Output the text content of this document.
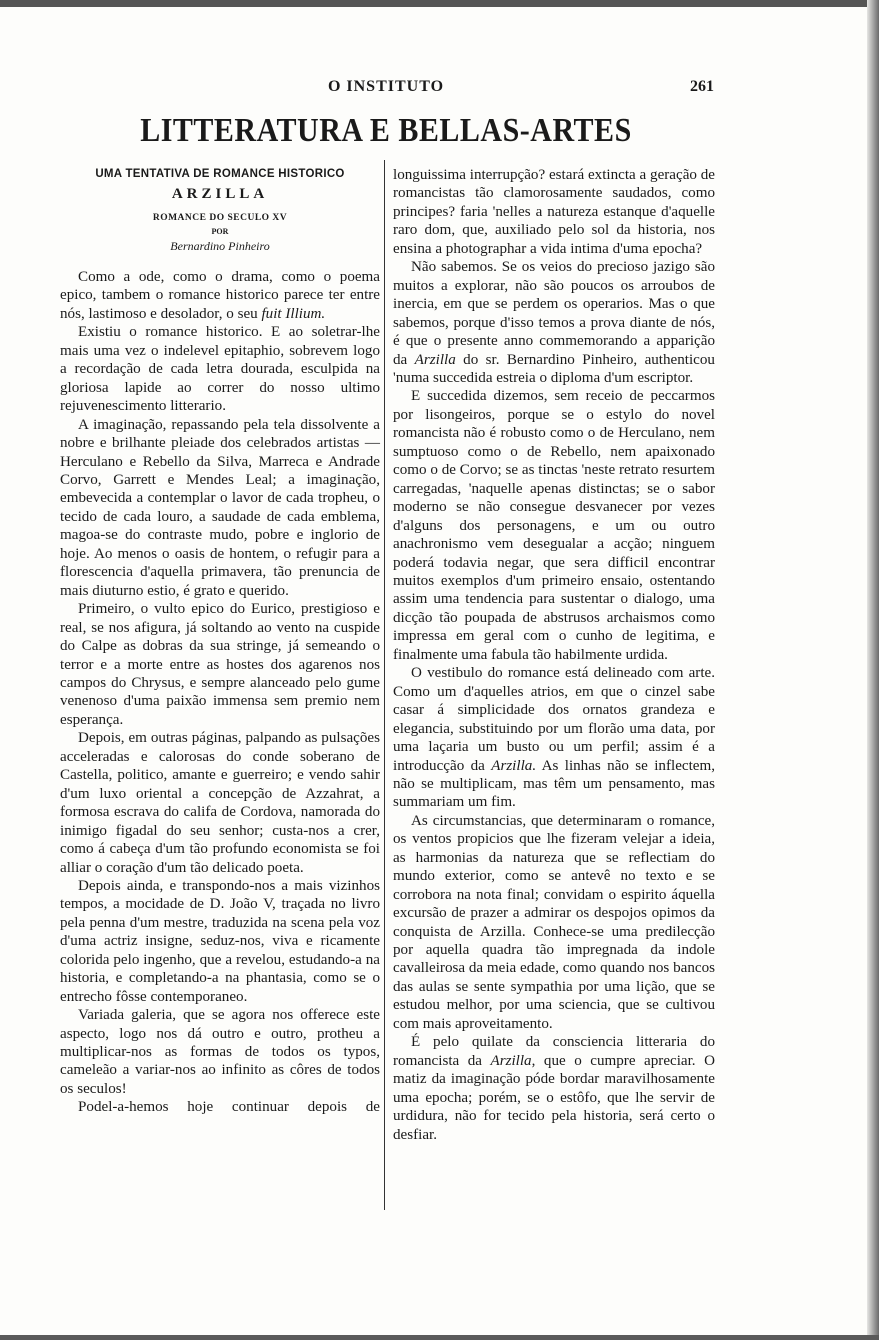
O INSTITUTO	261
LITTERATURA E BELLAS-ARTES
UMA TENTATIVA DE ROMANCE HISTORICO
ARZILLA
ROMANCE DO SECULO XV
POR
Bernardino Pinheiro

Como a ode, como o drama, como o poema epico, tambem o romance historico parece ter entre nós, lastimoso e desolador, o seu fuit Illium.

Existiu o romance historico. E ao soletrar-lhe mais uma vez o indelevel epitaphio, sobrevem logo a recordação de cada letra dourada, esculpida na gloriosa lapide ao correr do nosso ultimo rejuvenescimento litterario.

A imaginação, repassando pela tela dissolvente a nobre e brilhante pleiade dos celebrados artistas — Herculano e Rebello da Silva, Marreca e Andrade Corvo, Garrett e Mendes Leal; a imaginação, embevecida a contemplar o lavor de cada tropheu, o tecido de cada louro, a saudade de cada emblema, magoa-se do contraste mudo, pobre e inglorio de hoje. Ao menos o oasis de hontem, o refugir para a florescencia d'aquella primavera, tão prenuncia de mais diuturno estio, é grato e querido.

Primeiro, o vulto epico do Eurico, prestigioso e real, se nos afigura, já soltando ao vento na cuspide do Calpe as dobras da sua stringe, já semeando o terror e a morte entre as hostes dos agarenos nos campos do Chrysus, e sempre alanceado pelo gume venenoso d'uma paixão immensa sem premio nem esperança.

Depois, em outras páginas, palpando as pulsações acceleradas e calorosas do conde soberano de Castella, politico, amante e guerreiro; e vendo sahir d'um luxo oriental a concepção de Azzahrat, a formosa escrava do califa de Cordova, namorada do inimigo figadal do seu senhor; custa-nos a crer, como á cabeça d'um tão profundo economista se foi alliar o coração d'um tão delicado poeta.

Depois ainda, e transpondo-nos a mais vizinhos tempos, a mocidade de D. João V, traçada no livro pela penna d'um mestre, traduzida na scena pela voz d'uma actriz insigne, seduz-nos, viva e ricamente colorida pelo ingenho, que a revelou, estudando-a na historia, e completando-a na phantasia, como se o entrecho fôsse contemporaneo.

Variada galeria, que se agora nos offerece este aspecto, logo nos dá outro e outro, protheu a multiplicar-nos as formas de todos os typos, cameleão a variar-nos ao infinito as côres de todos os seculos!

Podel-a-hemos hoje continuar depois de

longuissima interrupção? estará extincta a geração de romancistas tão clamorosamente saudados, como principes? faria 'nelles a natureza estanque d'aquelle raro dom, que, auxiliado pelo sol da historia, nos ensina a photographar a vida intima d'uma epocha?

Não sabemos. Se os veios do precioso jazigo são muitos a explorar, não são poucos os arroubos de inercia, em que se perdem os operarios. Mas o que sabemos, porque d'isso temos a prova diante de nós, é que o presente anno commemorando a apparição da Arzilla do sr. Bernardino Pinheiro, authenticou 'numa succedida estreia o diploma d'um escriptor.

E succedida dizemos, sem receio de peccarmos por lisongeiros, porque se o estylo do novel romancista não é robusto como o de Herculano, nem sumptuoso como o de Rebello, nem apaixonado como o de Corvo; se as tinctas 'neste retrato resurtem carregadas, 'naquelle apenas distinctas; se o sabor moderno se não consegue desvanecer por vezes d'alguns dos personagens, e um ou outro anachronismo vem desegualar a acção; ninguem poderá todavia negar, que sera difficil encontrar muitos exemplos d'um primeiro ensaio, ostentando assim uma tendencia para sustentar o dialogo, uma dicção tão poupada de abstrusos archaismos como impressa em geral com o cunho de legitima, e finalmente uma fabula tão habilmente urdida.

O vestibulo do romance está delineado com arte. Como um d'aquelles atrios, em que o cinzel sabe casar á simplicidade dos ornatos grandeza e elegancia, substituindo por um florão uma data, por uma laçaria um busto ou um perfil; assim é a introducção da Arzilla. As linhas não se inflectem, não se multiplicam, mas têm um pensamento, mas summariam um fim.

As circumstancias, que determinaram o romance, os ventos propicios que lhe fizeram velejar a ideia, as harmonias da natureza que se reflectiam do mundo exterior, como se antevê no texto e se corrobora na nota final; convidam o espirito áquella excursão de prazer a admirar os despojos opimos da conquista de Arzilla. Conhece-se uma predilecção por aquella quadra tão impregnada da indole cavalleirosa da meia edade, como quando nos bancos das aulas se sente sympathia por uma lição, que se estudou melhor, por uma sciencia, que se cultivou com mais aproveitamento.

É pelo quilate da consciencia litteraria do romancista da Arzilla, que o cumpre apreciar. O matiz da imaginação póde bordar maravilhosamente uma epocha; porém, se o estôfo, que lhe servir de urdidura, não for tecido pela historia, será certo o desfiar.
